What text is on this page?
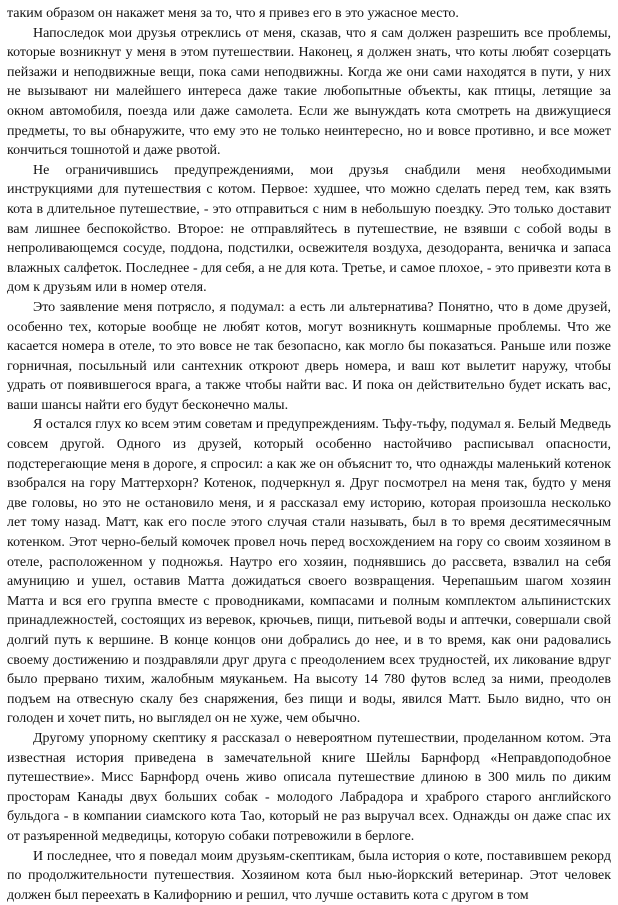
таким образом он накажет меня за то, что я привез его в это ужасное место.

Напоследок мои друзья отреклись от меня, сказав, что я сам должен разрешить все проблемы, которые возникнут у меня в этом путешествии. Наконец, я должен знать, что коты любят созерцать пейзажи и неподвижные вещи, пока сами неподвижны. Когда же они сами находятся в пути, у них не вызывают ни малейшего интереса даже такие любопытные объекты, как птицы, летящие за окном автомобиля, поезда или даже самолета. Если же вынуждать кота смотреть на движущиеся предметы, то вы обнаружите, что ему это не только неинтересно, но и вовсе противно, и все может кончиться тошнотой и даже рвотой.

Не ограничившись предупреждениями, мои друзья снабдили меня необходимыми инструкциями для путешествия с котом. Первое: худшее, что можно сделать перед тем, как взять кота в длительное путешествие, - это отправиться с ним в небольшую поездку. Это только доставит вам лишнее беспокойство. Второе: не отправляйтесь в путешествие, не взявши с собой воды в непроливающемся сосуде, поддона, подстилки, освежителя воздуха, дезодоранта, веничка и запаса влажных салфеток. Последнее - для себя, а не для кота. Третье, и самое плохое, - это привезти кота в дом к друзьям или в номер отеля.

Это заявление меня потрясло, я подумал: а есть ли альтернатива? Понятно, что в доме друзей, особенно тех, которые вообще не любят котов, могут возникнуть кошмарные проблемы. Что же касается номера в отеле, то это вовсе не так безопасно, как могло бы показаться. Раньше или позже горничная, посыльный или сантехник откроют дверь номера, и ваш кот вылетит наружу, чтобы удрать от появившегося врага, а также чтобы найти вас. И пока он действительно будет искать вас, ваши шансы найти его будут бесконечно малы.

Я остался глух ко всем этим советам и предупреждениям. Тьфу-тьфу, подумал я. Белый Медведь совсем другой. Одного из друзей, который особенно настойчиво расписывал опасности, подстерегающие меня в дороге, я спросил: а как же он объяснит то, что однажды маленький котенок взобрался на гору Маттерхорн? Котенок, подчеркнул я. Друг посмотрел на меня так, будто у меня две головы, но это не остановило меня, и я рассказал ему историю, которая произошла несколько лет тому назад. Матт, как его после этого случая стали называть, был в то время десятимесячным котенком. Этот черно-белый комочек провел ночь перед восхождением на гору со своим хозяином в отеле, расположенном у подножья. Наутро его хозяин, поднявшись до рассвета, взвалил на себя амуницию и ушел, оставив Матта дожидаться своего возвращения. Черепашьим шагом хозяин Матта и вся его группа вместе с проводниками, компасами и полным комплектом альпинистских принадлежностей, состоящих из веревок, крючьев, пищи, питьевой воды и аптечки, совершали свой долгий путь к вершине. В конце концов они добрались до нее, и в то время, как они радовались своему достижению и поздравляли друг друга с преодолением всех трудностей, их ликование вдруг было прервано тихим, жалобным мяуканьем. На высоту 14 780 футов вслед за ними, преодолев подъем на отвесную скалу без снаряжения, без пищи и воды, явился Матт. Было видно, что он голоден и хочет пить, но выглядел он не хуже, чем обычно.

Другому упорному скептику я рассказал о невероятном путешествии, проделанном котом. Эта известная история приведена в замечательной книге Шейлы Барнфорд «Неправдоподобное путешествие». Мисс Барнфорд очень живо описала путешествие длиною в 300 миль по диким просторам Канады двух больших собак - молодого Лабрадора и храброго старого английского бульдога - в компании сиамского кота Тао, который не раз выручал всех. Однажды он даже спас их от разъяренной медведицы, которую собаки потревожили в берлоге.

И последнее, что я поведал моим друзьям-скептикам, была история о коте, поставившем рекорд по продолжительности путешествия. Хозяином кота был нью-йоркский ветеринар. Этот человек должен был переехать в Калифорнию и решил, что лучше оставить кота с другом в том
